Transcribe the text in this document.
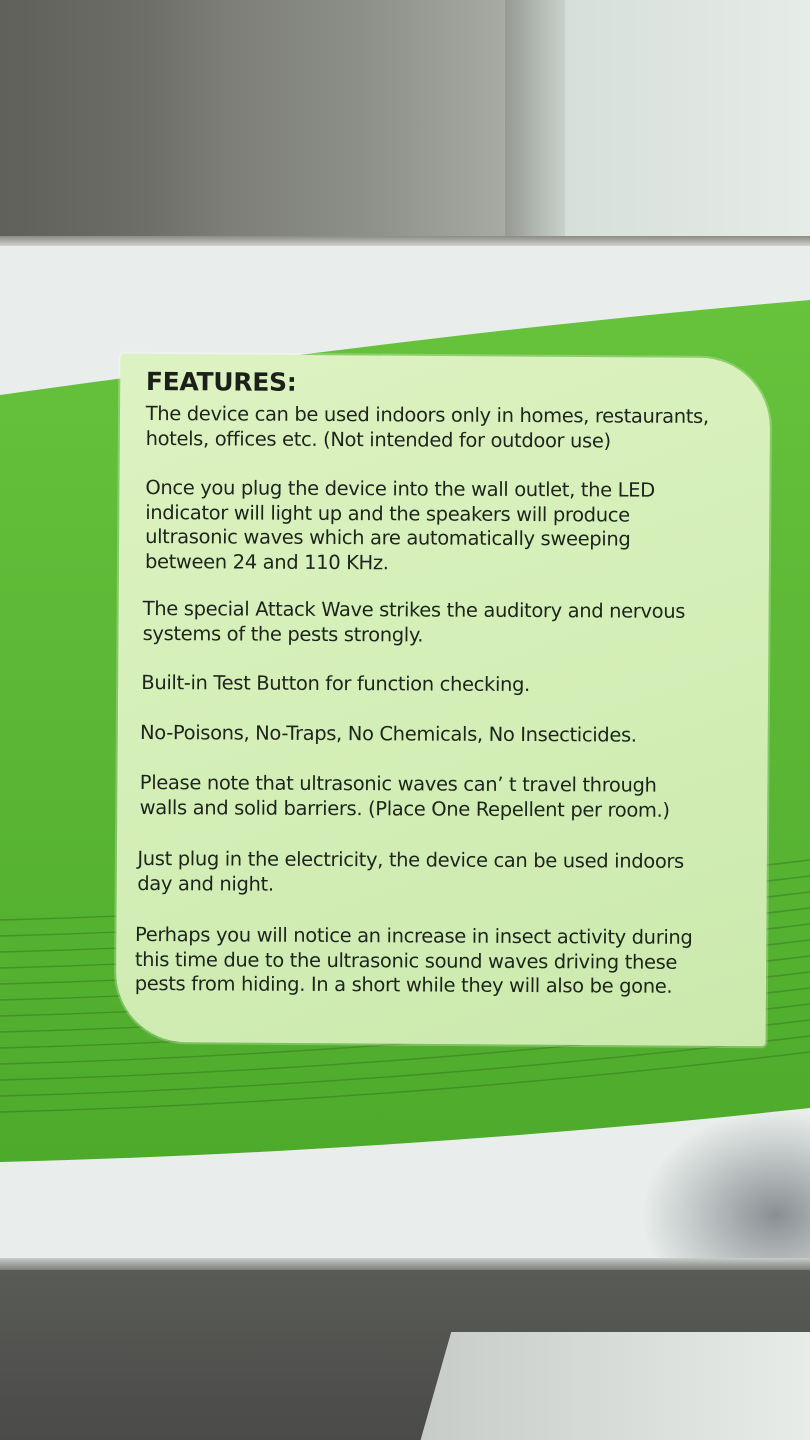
FEATURES:

The device can be used indoors only in homes, restaurants,
hotels, offices etc. (Not intended for outdoor use)

Once you plug the device into the wall outlet, the LED
indicator will light up and the speakers will produce
ultrasonic waves which are automatically sweeping
between 24 and 110 KHz.

The special Attack Wave strikes the auditory and nervous
systems of the pests strongly.

Built-in Test Button for function checking.

No-Poisons, No-Traps, No Chemicals, No Insecticides.

Please note that ultrasonic waves can’ t travel through
walls and solid barriers. (Place One Repellent per room.)

Just plug in the electricity, the device can be used indoors
day and night.

Perhaps you will notice an increase in insect activity during
this time due to the ultrasonic sound waves driving these
pests from hiding. In a short while they will also be gone.
